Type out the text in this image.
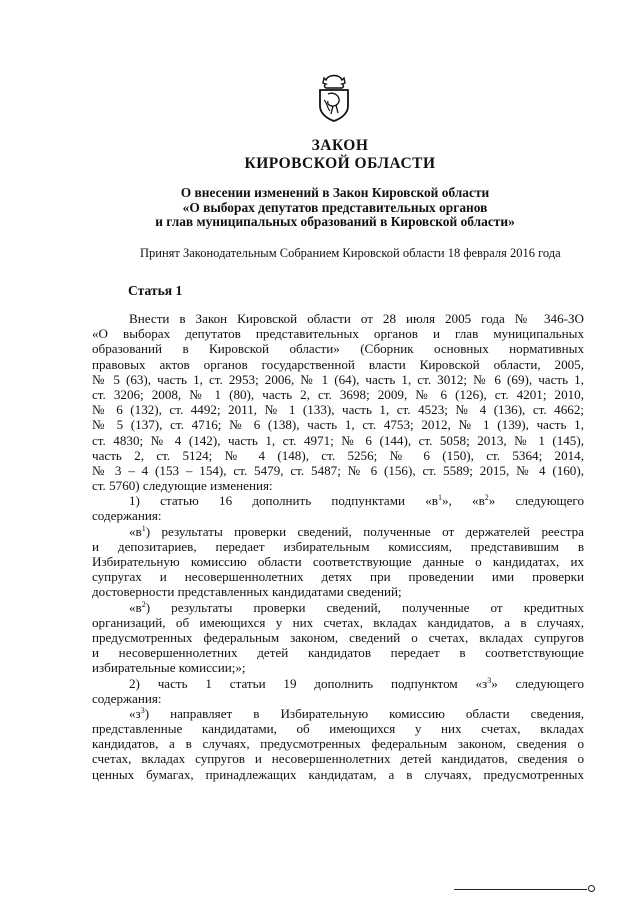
ЗАКОН
КИРОВСКОЙ ОБЛАСТИ
О внесении изменений в Закон Кировской области
«О выборах депутатов представительных органов
и глав муниципальных образований в Кировской области»
Принят Законодательным Собранием Кировской области 18 февраля 2016 года
Статья 1
Внести в Закон Кировской области от 28 июля 2005 года № 346-ЗО
«О выборах депутатов представительных органов и глав муниципальных
образований в Кировской области» (Сборник основных нормативных
правовых актов органов государственной власти Кировской области, 2005,
№ 5 (63), часть 1, ст. 2953; 2006, № 1 (64), часть 1, ст. 3012; № 6 (69), часть 1,
ст. 3206; 2008, № 1 (80), часть 2, ст. 3698; 2009, № 6 (126), ст. 4201; 2010,
№ 6 (132), ст. 4492; 2011, № 1 (133), часть 1, ст. 4523; № 4 (136), ст. 4662;
№ 5 (137), ст. 4716; № 6 (138), часть 1, ст. 4753; 2012, № 1 (139), часть 1,
ст. 4830; № 4 (142), часть 1, ст. 4971; № 6 (144), ст. 5058; 2013, № 1 (145),
часть 2, ст. 5124; № 4 (148), ст. 5256; № 6 (150), ст. 5364; 2014,
№ 3 – 4 (153 – 154), ст. 5479, ст. 5487; № 6 (156), ст. 5589; 2015, № 4 (160),
ст. 5760) следующие изменения:
1) статью 16 дополнить подпунктами «$в^1$», «$в^2$» следующего
содержания:
«$в^1$) результаты проверки сведений, полученные от держателей реестра
и депозитариев, передает избирательным комиссиям, представившим в
Избирательную комиссию области соответствующие данные о кандидатах, их
супругах и несовершеннолетних детях при проведении ими проверки
достоверности представленных кандидатами сведений;
«$в^2$) результаты проверки сведений, полученные от кредитных
организаций, об имеющихся у них счетах, вкладах кандидатов, а в случаях,
предусмотренных федеральным законом, сведений о счетах, вкладах супругов
и несовершеннолетних детей кандидатов передает в соответствующие
избирательные комиссии;»;
2) часть 1 статьи 19 дополнить подпунктом «$з^3$» следующего
содержания:
«$з^3$) направляет в Избирательную комиссию области сведения,
представленные кандидатами, об имеющихся у них счетах, вкладах
кандидатов, а в случаях, предусмотренных федеральным законом, сведения о
счетах, вкладах супругов и несовершеннолетних детей кандидатов, сведения о
ценных бумагах, принадлежащих кандидатам, а в случаях, предусмотренных
